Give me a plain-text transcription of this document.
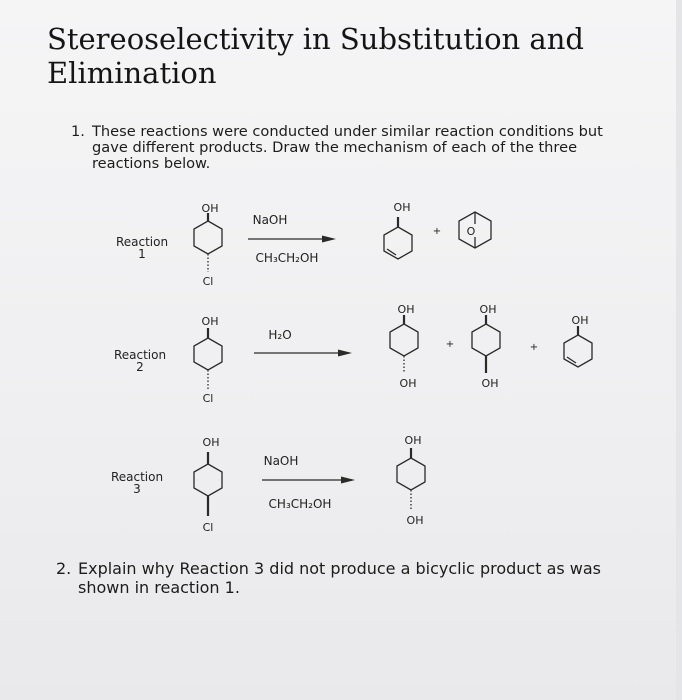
Stereoselectivity in Substitution and
Elimination
1. These reactions were conducted under similar reaction conditions but
gave different products. Draw the mechanism of each of the three
reactions below.
Reaction
1
OH
Cl
NaOH
CH₃CH₂OH
OH
+ O
Reaction
2
OH
Cl
H₂O
OH
OH
+
OH
OH
+
OH
Reaction
3
OH
Cl
NaOH
CH₃CH₂OH
OH
OH
2. Explain why Reaction 3 did not produce a bicyclic product as was
shown in reaction 1.
